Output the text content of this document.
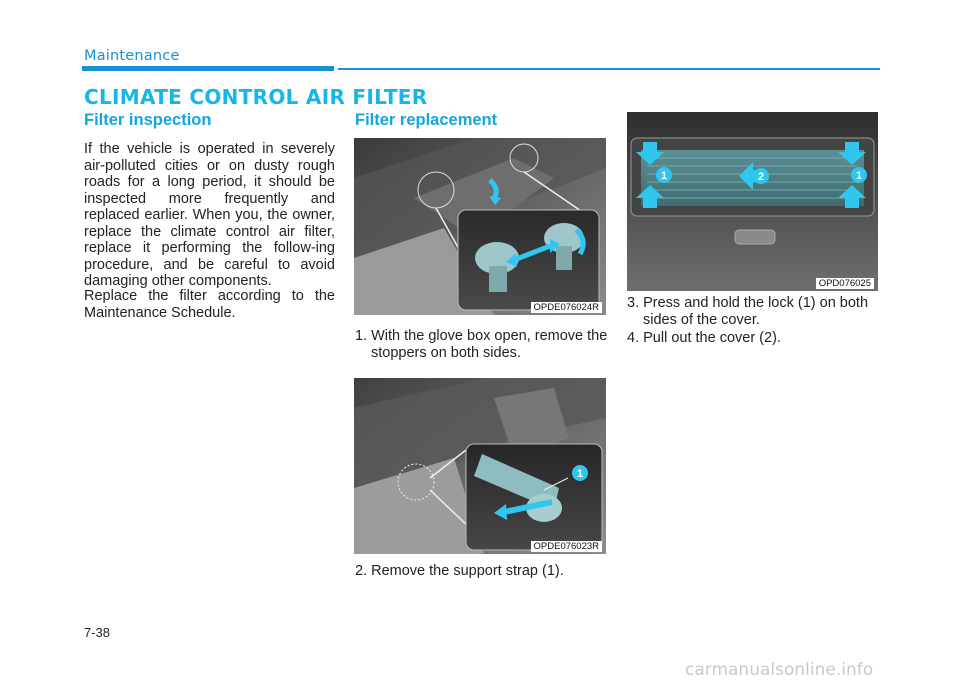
Maintenance
CLIMATE CONTROL AIR FILTER
Filter inspection

If the vehicle is operated in severely air-polluted cities or on dusty rough roads for a long period, it should be inspected more frequently and replaced earlier. When you, the owner, replace the climate control air filter, replace it performing the follow-ing procedure, and be careful to avoid damaging other components.

Replace the filter according to the Maintenance Schedule.

Filter replacement
OPDE076024R

1. With the glove box open, remove the stoppers on both sides.

1
OPDE076023R

2. Remove the support strap (1).

1	2	1
OPD076025

3. Press and hold the lock (1) on both sides of the cover.

4. Pull out the cover (2).

7-38
carmanualsonline.info
